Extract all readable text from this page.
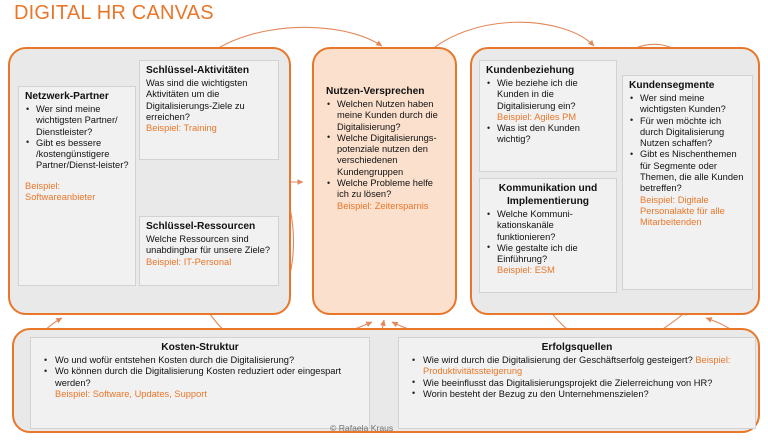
DIGITAL HR CANVAS
Netzwerk-Partner
• Wer sind meine wichtigsten Partner/ Dienstleister?
• Gibt es bessere /kostengünstigere Partner/Dienst-leister?
Beispiel: Softwareanbieter
Schlüssel-Aktivitäten

Was sind die wichtigsten Aktivitäten um die Digitalisierungs-Ziele zu erreichen?

Beispiel: Training
Schlüssel-Ressourcen

Welche Ressourcen sind unabdingbar für unsere Ziele?

Beispiel: IT-Personal
Nutzen-Versprechen
• Welchen Nutzen haben meine Kunden durch die Digitalisierung?
• Welche Digitalisierungs-potenziale nutzen den verschiedenen Kundengruppen
• Welche Probleme helfe ich zu lösen?
Beispiel: Zeitersparnis
Kundenbeziehung
• Wie beziehe ich die Kunden in die Digitalisierung ein?
Beispiel: Agiles PM
• Was ist den Kunden wichtig?
Kommunikation und
Implementierung
• Welche Kommuni-kationskanäle funktionieren?
• Wie gestalte ich die Einführung?
Beispiel: ESM
Kundensegmente
• Wer sind meine wichtigsten Kunden?
• Für wen möchte ich durch Digitalisierung Nutzen schaffen?
• Gibt es Nischenthemen für Segmente oder Themen, die alle Kunden betreffen?
Beispiel: Digitale Personalakte für alle Mitarbeitenden
Kosten-Struktur
• Wo und wofür entstehen Kosten durch die Digitalisierung?
• Wo können durch die Digitalisierung Kosten reduziert oder eingespart werden?
Beispiel: Software, Updates, Support
Erfolgsquellen
• Wie wird durch die Digitalisierung der Geschäftserfolg gesteigert? Beispiel: Produktivitätssteigerung
• Wie beeinflusst das Digitalisierungsprojekt die Zielerreichung von HR?
• Worin besteht der Bezug zu den Unternehmenszielen?
© Rafaela Kraus
